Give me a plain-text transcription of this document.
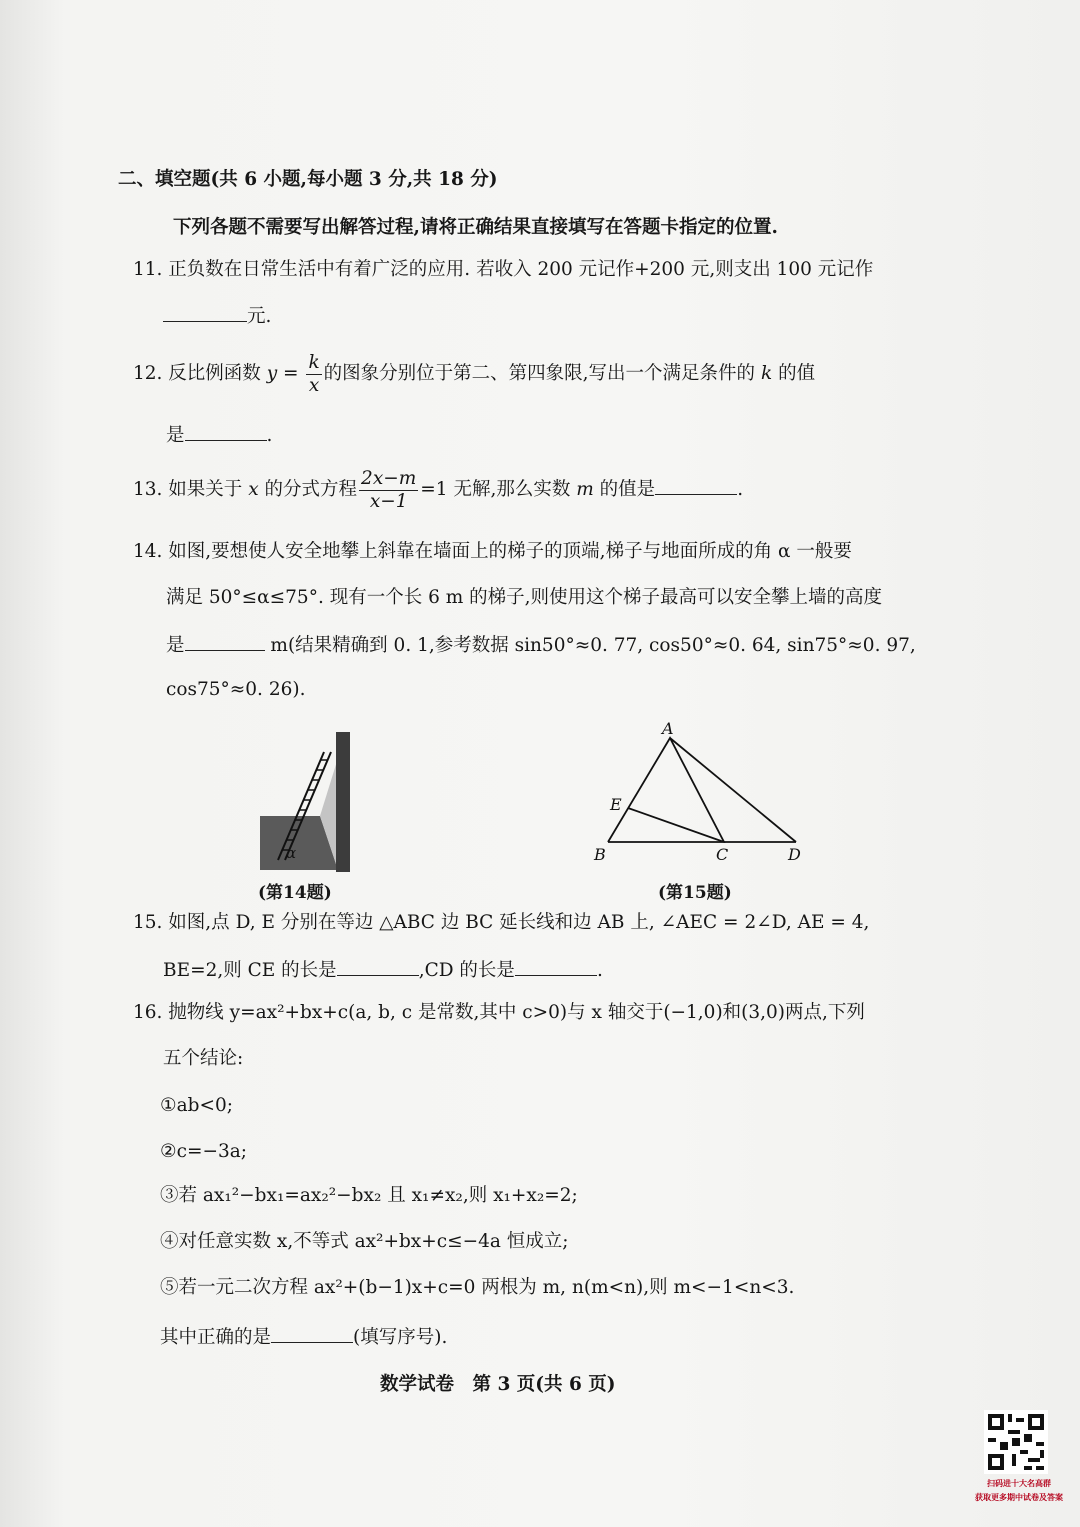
二、填空题(共 6 小题,每小题 3 分,共 18 分)
下列各题不需要写出解答过程,请将正确结果直接填写在答题卡指定的位置.
11. 正负数在日常生活中有着广泛的应用. 若收入 200 元记作+200 元,则支出 100 元记作
元.
12. 反比例函数 $y = \frac{k}{x}$ 的图象分别位于第二、第四象限,写出一个满足条件的 k 的值
是	.
13. 如果关于 x 的分式方程 $\frac{2x-m}{x-1} =1$ 无解,那么实数 m 的值是	.
14. 如图,要想使人安全地攀上斜靠在墙面上的梯子的顶端,梯子与地面所成的角 α 一般要
满足 50°≤α≤75°. 现有一个长 6 m 的梯子,则使用这个梯子最高可以安全攀上墙的高度
是	m(结果精确到 0. 1,参考数据 sin50°≈0. 77, cos50°≈0. 64, sin75°≈0. 97,
cos75°≈0. 26).
α
(第14题)
A
B	C	D
E
(第15题)
15. 如图,点 D, E 分别在等边 △ABC 边 BC 延长线和边 AB 上, ∠AEC = 2∠D, AE = 4,
BE=2,则 CE 的长是	,CD 的长是	.
16. 抛物线 y=ax²+bx+c(a, b, c 是常数,其中 c>0)与 x 轴交于(−1,0)和(3,0)两点,下列
五个结论:
①ab<0;
②c=−3a;
③若 ax₁²−bx₁=ax₂²−bx₂ 且 x₁≠x₂,则 x₁+x₂=2;
④对任意实数 x,不等式 ax²+bx+c≤−4a 恒成立;
⑤若一元二次方程 ax²+(b−1)x+c=0 两根为 m, n(m<n),则 m<−1<n<3.
其中正确的是	(填写序号).
数学试卷　第 3 页(共 6 页)
扫码进十大名高群
获取更多期中试卷及答案
